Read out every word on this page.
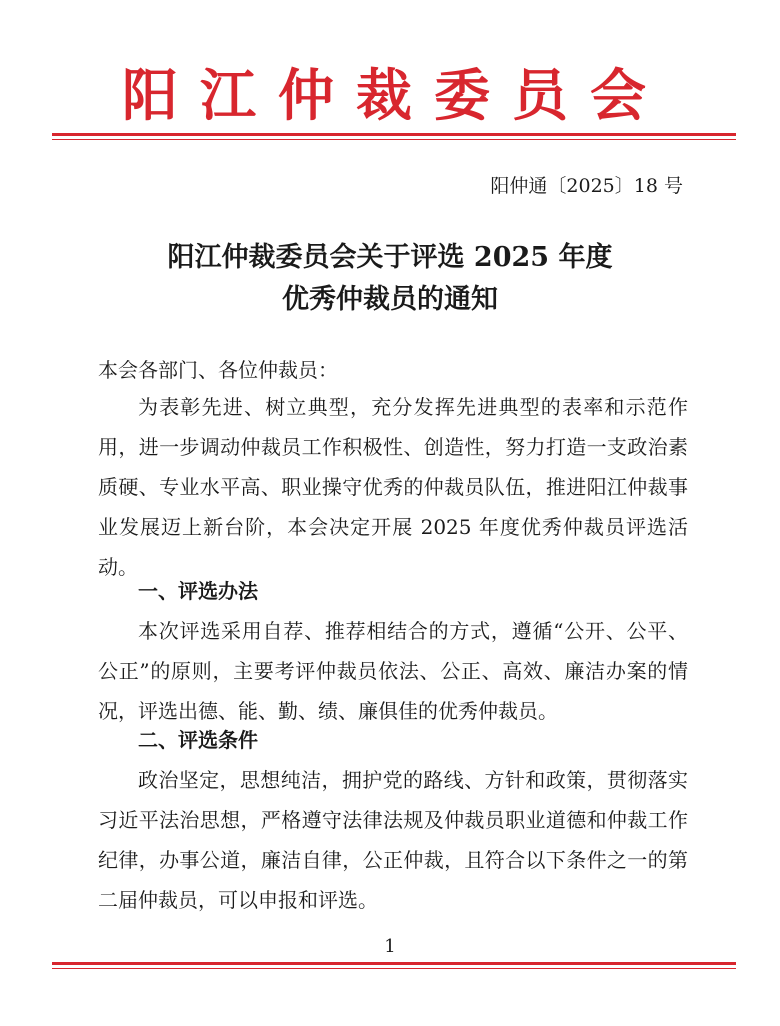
阳江仲裁委员会
阳仲通〔2025〕18 号
阳江仲裁委员会关于评选 2025 年度
优秀仲裁员的通知
本会各部门、各位仲裁员：
为表彰先进、树立典型，充分发挥先进典型的表率和示范作用，进一步调动仲裁员工作积极性、创造性，努力打造一支政治素质硬、专业水平高、职业操守优秀的仲裁员队伍，推进阳江仲裁事业发展迈上新台阶，本会决定开展 2025 年度优秀仲裁员评选活动。
一、评选办法
本次评选采用自荐、推荐相结合的方式，遵循“公开、公平、公正”的原则，主要考评仲裁员依法、公正、高效、廉洁办案的情况，评选出德、能、勤、绩、廉俱佳的优秀仲裁员。
二、评选条件
政治坚定，思想纯洁，拥护党的路线、方针和政策，贯彻落实习近平法治思想，严格遵守法律法规及仲裁员职业道德和仲裁工作纪律，办事公道，廉洁自律，公正仲裁，且符合以下条件之一的第二届仲裁员，可以申报和评选。
1
